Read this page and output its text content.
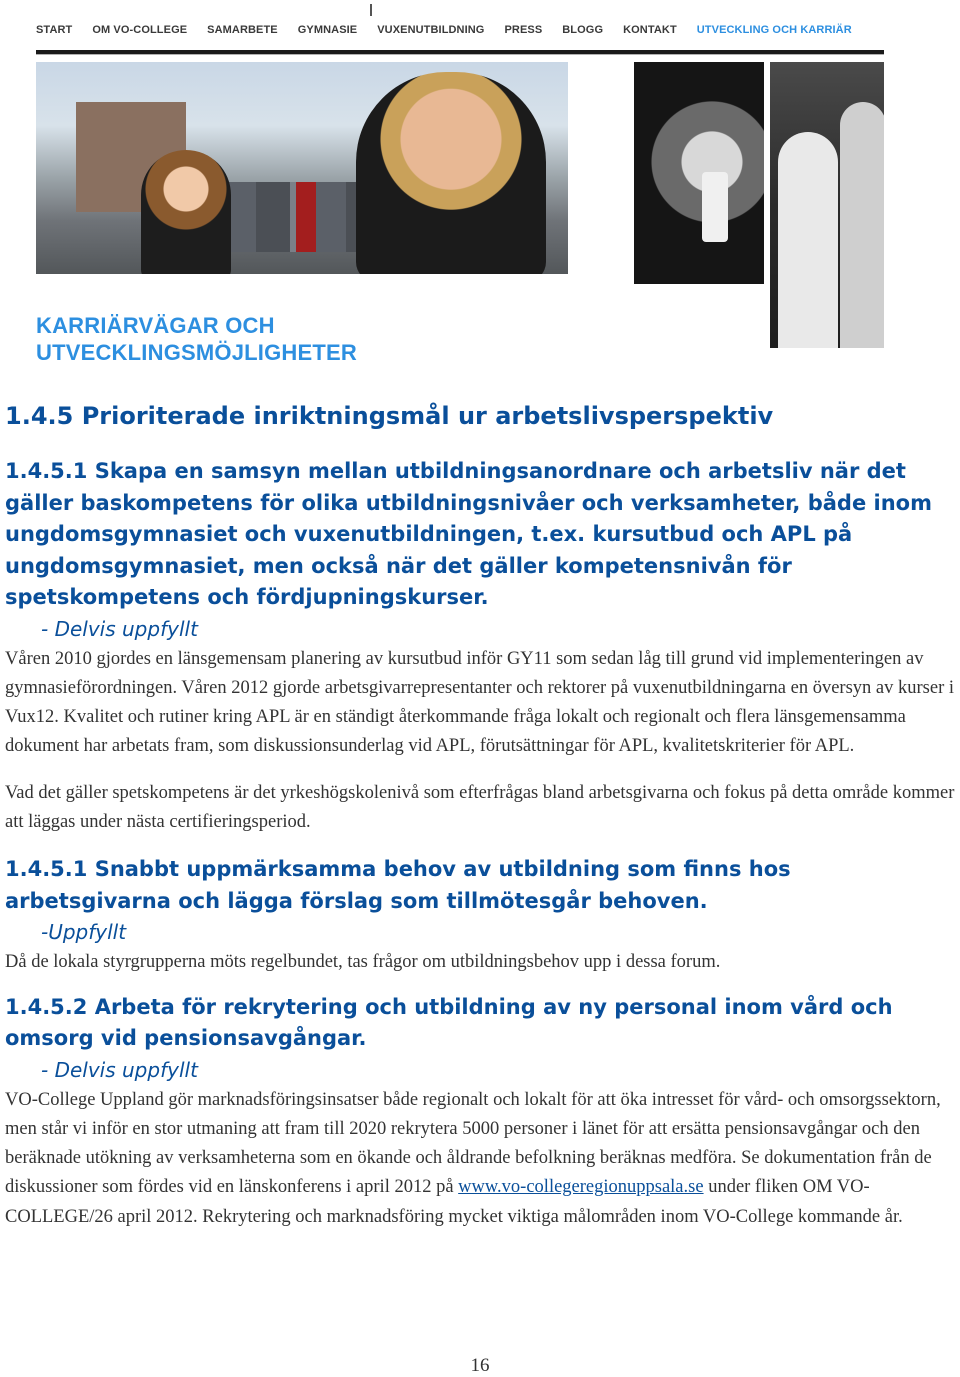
START OM VO-COLLEGE SAMARBETE GYMNASIE VUXENUTBILDNING PRESS BLOGG KONTAKT UTVECKLING OCH KARRIÄR
KARRIÄRVÄGAR OCH
UTVECKLINGSMÖJLIGHETER
1.4.5 Prioriterade inriktningsmål ur arbetslivsperspektiv
1.4.5.1 Skapa en samsyn mellan utbildningsanordnare och arbetsliv när det gäller baskompetens för olika utbildningsnivåer och verksamheter, både inom ungdomsgymnasiet och vuxenutbildningen, t.ex. kursutbud och APL på ungdomsgymnasiet, men också när det gäller kompetensnivån för spetskompetens och fördjupningskurser.

- Delvis uppfyllt

Våren 2010 gjordes en länsgemensam planering av kursutbud inför GY11 som sedan låg till grund vid implementeringen av gymnasieförordningen. Våren 2012 gjorde arbetsgivarrepresentanter och rektorer på vuxenutbildningarna en översyn av kurser i Vux12. Kvalitet och rutiner kring APL är en ständigt återkommande fråga lokalt och regionalt och flera länsgemensamma dokument har arbetats fram, som diskussionsunderlag vid APL, förutsättningar för APL, kvalitetskriterier för APL.

Vad det gäller spetskompetens är det yrkeshögskolenivå som efterfrågas bland arbetsgivarna och fokus på detta område kommer att läggas under nästa certifieringsperiod.

1.4.5.1 Snabbt uppmärksamma behov av utbildning som finns hos arbetsgivarna och lägga förslag som tillmötesgår behoven.

-Uppfyllt

Då de lokala styrgrupperna möts regelbundet, tas frågor om utbildningsbehov upp i dessa forum.

1.4.5.2 Arbeta för rekrytering och utbildning av ny personal inom vård och omsorg vid pensionsavgångar.

- Delvis uppfyllt

VO-College Uppland gör marknadsföringsinsatser både regionalt och lokalt för att öka intresset för vård- och omsorgssektorn, men står vi inför en stor utmaning att fram till 2020 rekrytera 5000 personer i länet för att ersätta pensionsavgångar och den beräknade utökning av verksamheterna som en ökande och åldrande befolkning beräknas medföra. Se dokumentation från de diskussioner som fördes vid en länskonferens i april 2012 på www.vo-collegeregionuppsala.se under fliken OM VO-COLLEGE/26 april 2012. Rekrytering och marknadsföring mycket viktiga målområden inom VO-College kommande år.

16
